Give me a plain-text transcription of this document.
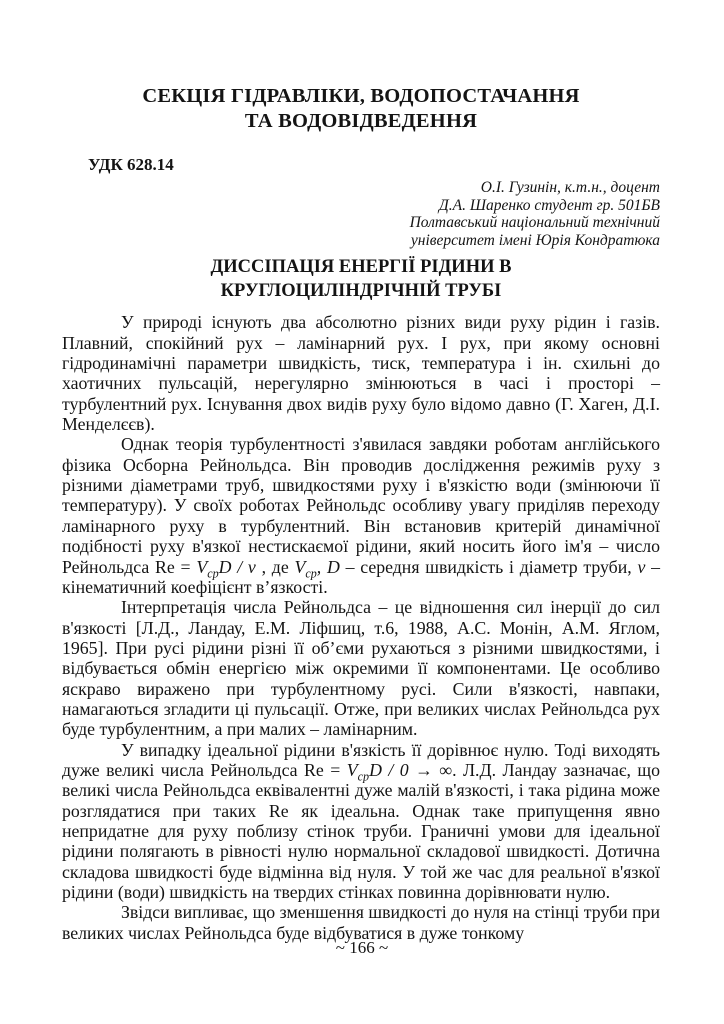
СЕКЦІЯ ГІДРАВЛІКИ, ВОДОПОСТАЧАННЯ
ТА ВОДОВІДВЕДЕННЯ
УДК 628.14
О.І. Гузинін, к.т.н., доцент
Д.А. Шаренко студент гр. 501БВ
Полтавський національний технічний
університет імені Юрія Кондратюка
ДИССІПАЦІЯ ЕНЕРГІЇ РІДИНИ В
КРУГЛОЦИЛІНДРІЧНІЙ ТРУБІ

У природі існують два абсолютно різних види руху рідин і газів. Плавний, спокійний рух – ламінарний рух. І рух, при якому основні гідродинамічні параметри швидкість, тиск, температура і ін. схильні до хаотичних пульсацій, нерегулярно змінюються в часі і просторі – турбулентний рух. Існування двох видів руху було відомо давно (Г. Хаген, Д.І. Менделєєв).

Однак теорія турбулентності з'явилася завдяки роботам англійського фізика Осборна Рейнольдса. Він проводив дослідження режимів руху з різними діаметрами труб, швидкостями руху і в'язкістю води (змінюючи її температуру). У своїх роботах Рейнольдс особливу увагу приділяв переходу ламінарного руху в турбулентний. Він встановив критерій динамічної подібності руху в'язкої нестискаємої рідини, який носить його ім'я – число Рейнольдса $Re = V_{cp}D / \nu$ , де $V_{cp}$, D – середня швидкість і діаметр труби, ν – кінематичний коефіцієнт в’язкості.

Інтерпретація числа Рейнольдса – це відношення сил інерції до сил в'язкості [Л.Д., Ландау, Е.М. Ліфшиц, т.6, 1988, А.С. Монін, А.М. Яглом, 1965]. При русі рідини різні її об’єми рухаються з різними швидкостями, і відбувається обмін енергією між окремими її компонентами. Це особливо яскраво виражено при турбулентному русі. Сили в'язкості, навпаки, намагаються згладити ці пульсації. Отже, при великих числах Рейнольдса рух буде турбулентним, а при малих – ламінарним.

У випадку ідеальної рідини в'язкість її дорівнює нулю. Тоді виходять дуже великі числа Рейнольдса $Re = V_{cp}D / 0$ → ∞. Л.Д. Ландау зазначає, що великі числа Рейнольдса еквівалентні дуже малій в'язкості, і така рідина може розглядатися при таких Re як ідеальна. Однак таке припущення явно непридатне для руху поблизу стінок труби. Граничні умови для ідеальної рідини полягають в рівності нулю нормальної складової швидкості. Дотична складова швидкості буде відмінна від нуля. У той же час для реальної в'язкої рідини (води) швидкість на твердих стінках повинна дорівнювати нулю.

Звідси випливає, що зменшення швидкості до нуля на стінці труби при великих числах Рейнольдса буде відбуватися в дуже тонкому

~ 166 ~
